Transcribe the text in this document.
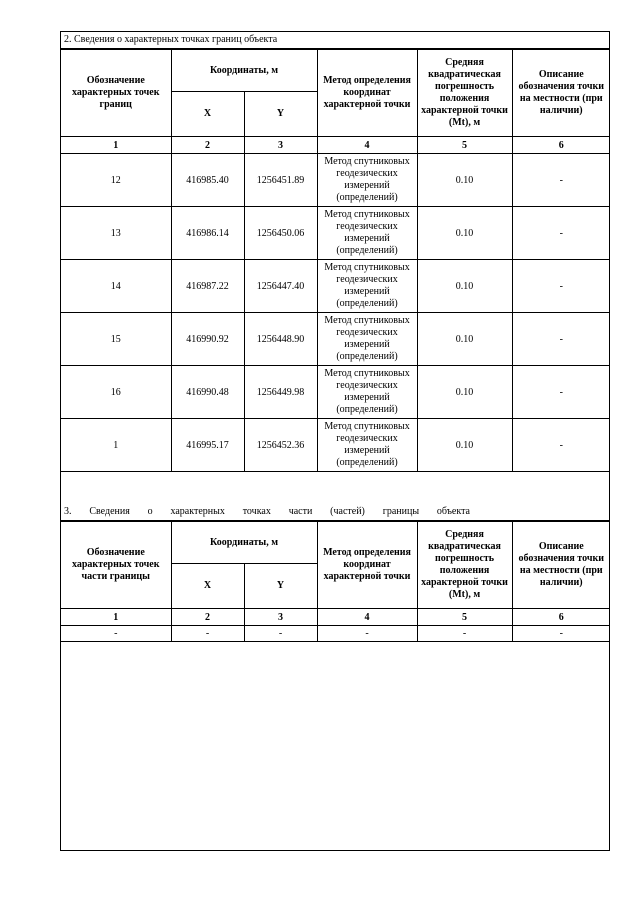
2. Сведения о характерных точках границ объекта
Обозначение характерных точек границ	Координаты, м		Метод определения координат характерной точки	Средняя квадратическая погрешность положения характерной точки (Mt), м	Описание обозначения точки на местности (при наличии)
	X	Y			
1	2	3	4	5	6
12	416985.40	1256451.89	Метод спутниковых геодезических измерений (определений)	0.10	-
13	416986.14	1256450.06	Метод спутниковых геодезических измерений (определений)	0.10	-
14	416987.22	1256447.40	Метод спутниковых геодезических измерений (определений)	0.10	-
15	416990.92	1256448.90	Метод спутниковых геодезических измерений (определений)	0.10	-
16	416990.48	1256449.98	Метод спутниковых геодезических измерений (определений)	0.10	-
1	416995.17	1256452.36	Метод спутниковых геодезических измерений (определений)	0.10	-
3. Сведения о характерных точках части (частей) границы объекта
Обозначение характерных точек части границы	Координаты, м		Метод определения координат характерной точки	Средняя квадратическая погрешность положения характерной точки (Mt), м	Описание обозначения точки на местности (при наличии)
	X	Y			
1	2	3	4	5	6
-	-	-	-	-	-
